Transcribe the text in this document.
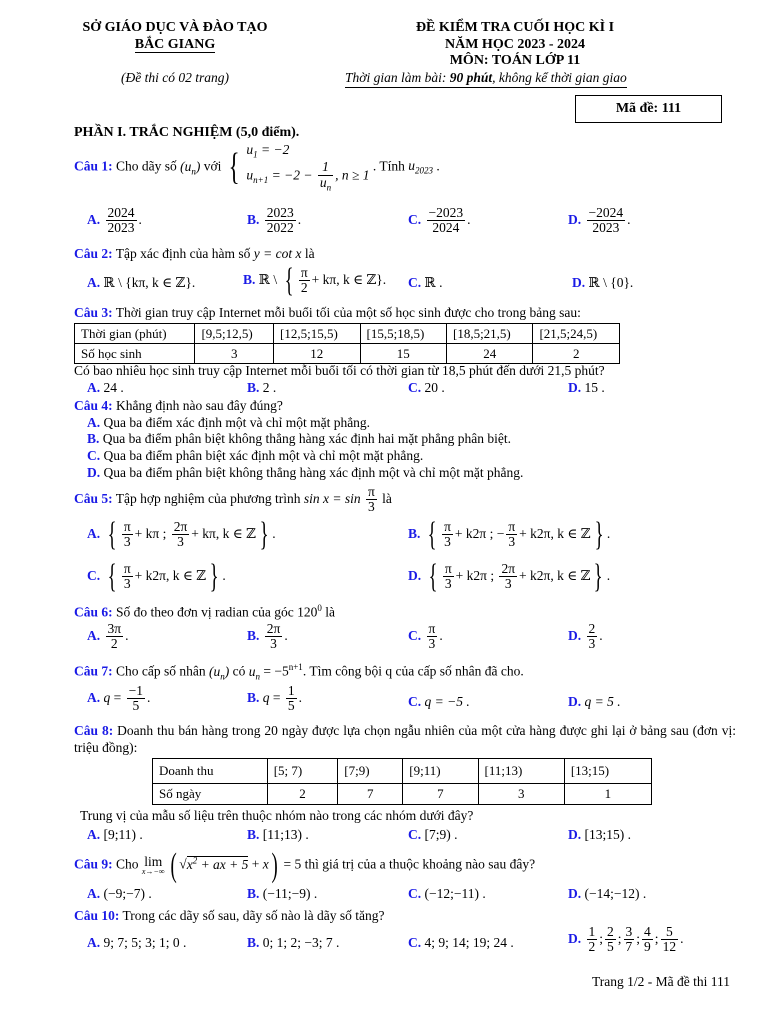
SỞ GIÁO DỤC VÀ ĐÀO TẠO
BẮC GIANG
(Đề thi có 02 trang)
ĐỀ KIỂM TRA CUỐI HỌC KÌ I
NĂM HỌC 2023 - 2024
MÔN: TOÁN LỚP 11
Thời gian làm bài: 90 phút, không kể thời gian giao
Mã đề: 111
PHẦN I. TRẮC NGHIỆM (5,0 điểm).
Câu 1: Cho dãy số $(u_n)$ với { $u_1 = -2$
$u_{n+1} = -2 - \frac{1}{u_n}$ , n ≥ 1
. Tính $u_{2023}$ .
A. $\frac{2024}{2023}$ .	B. $\frac{2023}{2022}$ .	C. $\frac{-2023}{2024}$ .	D. $\frac{-2024}{2023}$ .
Câu 2: Tập xác định của hàm số y = cot x là
A. ℝ \ {kπ, k ∈ ℤ}.	B. ℝ \ { $\frac{\pi}{2} + k\pi$, k ∈ ℤ}. C. ℝ .	D. ℝ \ {0}.
Câu 3: Thời gian truy cập Internet mỗi buổi tối của một số học sinh được cho trong bảng sau:
Thời gian (phút)	[9,5;12,5)	[12,5;15,5)	[15,5;18,5)	[18,5;21,5)	[21,5;24,5)
Số học sinh	3	12	15	24	2
Có bao nhiêu học sinh truy cập Internet mỗi buổi tối có thời gian từ 18,5 phút đến dưới 21,5 phút?
A. 24 .	B. 2 .	C. 20 .	D. 15 .
Câu 4: Khẳng định nào sau đây đúng?
A. Qua ba điểm xác định một và chỉ một mặt phẳng.
B. Qua ba điểm phân biệt không thẳng hàng xác định hai mặt phẳng phân biệt.
C. Qua ba điểm phân biệt xác định một và chỉ một mặt phẳng.
D. Qua ba điểm phân biệt không thẳng hàng xác định một và chỉ một mặt phẳng.
Câu 5: Tập hợp nghiệm của phương trình $\sin x = \sin \frac{\pi}{3}$ là
A. { $\frac{\pi}{3} + k\pi$ ; $\frac{2\pi}{3} + k\pi$, k ∈ ℤ } .	B. { $\frac{\pi}{3} + k2\pi$ ; − $\frac{\pi}{3} + k2\pi$, k ∈ ℤ } .
C. { $\frac{\pi}{3} + k2\pi$, k ∈ ℤ } .	D. { $\frac{\pi}{3} + k2\pi$ ; $\frac{2\pi}{3} + k2\pi$, k ∈ ℤ } .
Câu 6: Số đo theo đơn vị radian của góc $120^0$ là
A. $\frac{3\pi}{2}$ .	B. $\frac{2\pi}{3}$ .	C. $\frac{\pi}{3}$ .	D. $\frac{2}{3}$ .
Câu 7: Cho cấp số nhân $(u_n)$ có $u_n = -5^{n+1}$. Tìm công bội q của cấp số nhân đã cho.
A. $q = \frac{-1}{5}$ .	B. $q = \frac{1}{5}$ .	C. q = −5 .	D. q = 5 .
Câu 8: Doanh thu bán hàng trong 20 ngày được lựa chọn ngẫu nhiên của một cửa hàng được ghi lại ở bảng sau (đơn vị: triệu đồng):
Doanh thu	[5; 7)	[7;9)	[9;11)	[11;13)	[13;15)
Số ngày	2	7	7	3	1
Trung vị của mẫu số liệu trên thuộc nhóm nào trong các nhóm dưới đây?
A. [9;11) .	B. [11;13) .	C. [7;9) .	D. [13;15) .
Câu 9: Cho lim
x→−∞ ( $√x^2$ + ax + 5 + x) = 5 thì giá trị của a thuộc khoảng nào sau đây?
A. (−9;−7) .	B. (−11;−9) .	C. (−12;−11) .	D. (−14;−12) .
Câu 10: Trong các dãy số sau, dãy số nào là dãy số tăng?
A. 9; 7; 5; 3; 1; 0 .	B. 0; 1; 2; −3; 7 .	C. 4; 9; 14; 19; 24 .	D. $\frac{1}{2}$ ; $\frac{2}{5}$ ; $\frac{3}{7}$ ; $\frac{4}{9}$ ; $\frac{5}{12}$ .
Trang 1/2 - Mã đề thi 111
